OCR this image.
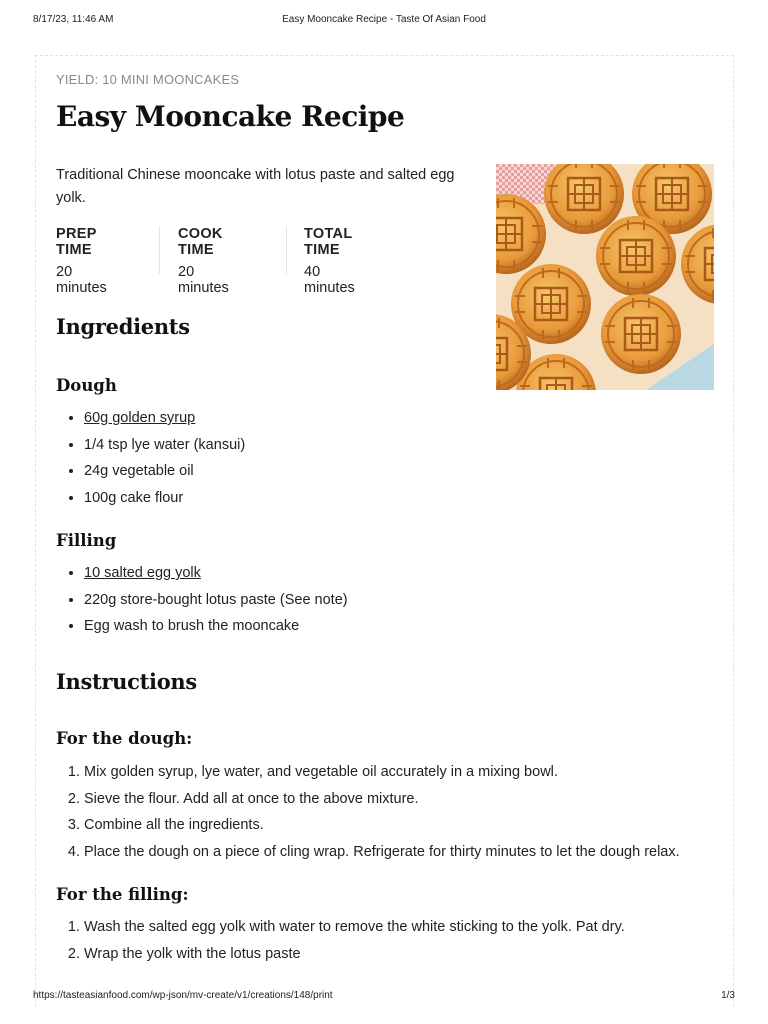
8/17/23, 11:46 AM	Easy Mooncake Recipe - Taste Of Asian Food
YIELD: 10 MINI MOONCAKES
Easy Mooncake Recipe

Traditional Chinese mooncake with lotus paste and salted egg yolk.

PREP TIME
20 minutes
COOK TIME
20 minutes
TOTAL TIME
40 minutes
Ingredients
Dough
• 60g golden syrup
• 1/4 tsp lye water (kansui)
• 24g vegetable oil
• 100g cake flour
Filling
• 10 salted egg yolk
• 220g store-bought lotus paste (See note)
• Egg wash to brush the mooncake
Instructions
For the dough:
1. Mix golden syrup, lye water, and vegetable oil accurately in a mixing bowl.
2. Sieve the flour. Add all at once to the above mixture.
3. Combine all the ingredients.
4. Place the dough on a piece of cling wrap. Refrigerate for thirty minutes to let the dough relax.
For the filling:
1. Wash the salted egg yolk with water to remove the white sticking to the yolk. Pat dry.
2. Wrap the yolk with the lotus paste
https://tasteasianfood.com/wp-json/mv-create/v1/creations/148/print	1/3
